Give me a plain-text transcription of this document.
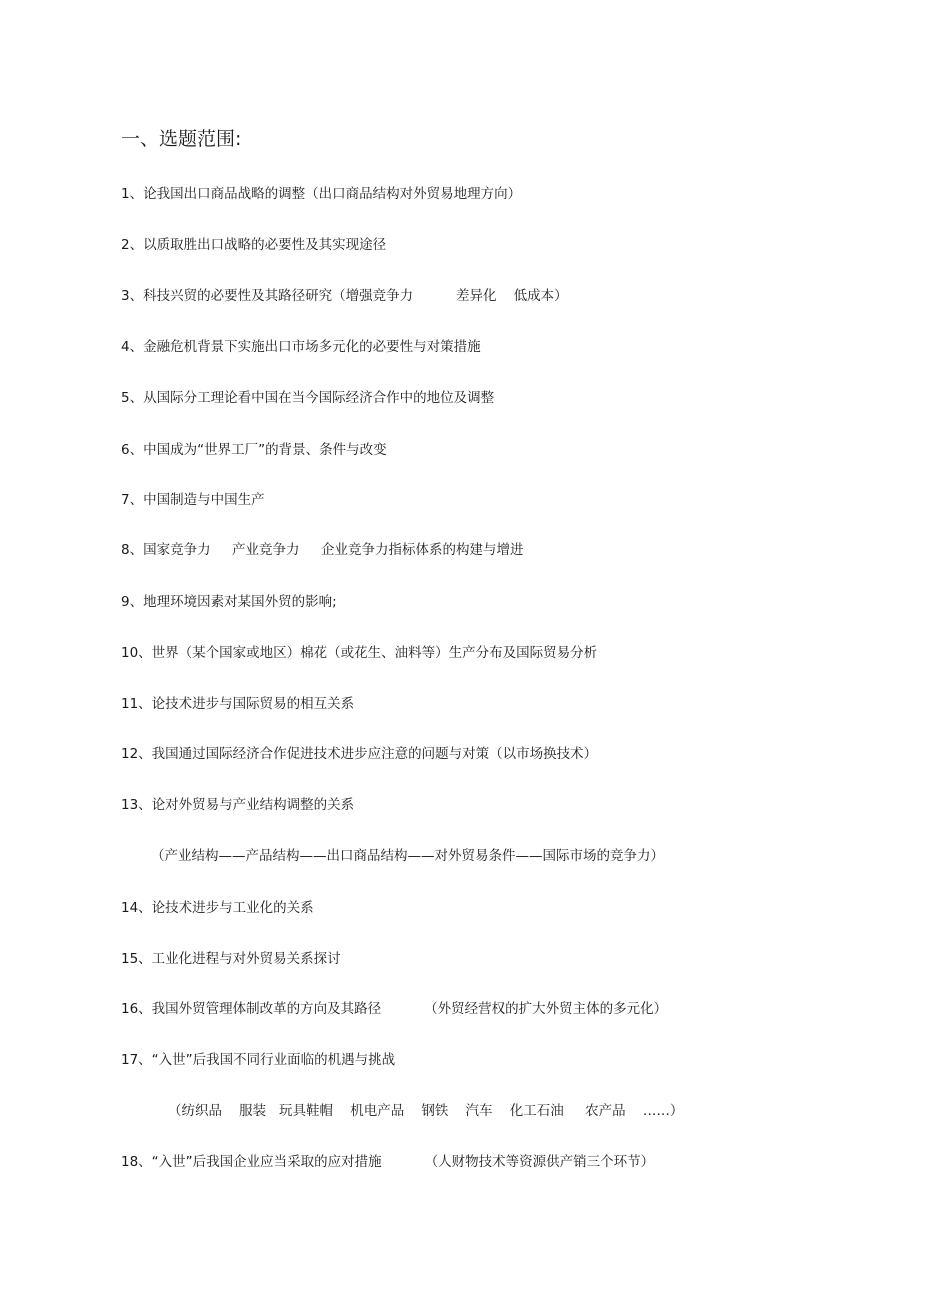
一、选题范围:
1、论我国出口商品战略的调整（出口商品结构对外贸易地理方向）
2、以质取胜出口战略的必要性及其实现途径
3、科技兴贸的必要性及其路径研究（增强竞争力          差异化    低成本）
4、金融危机背景下实施出口市场多元化的必要性与对策措施
5、从国际分工理论看中国在当今国际经济合作中的地位及调整
6、中国成为“世界工厂”的背景、条件与改变
7、中国制造与中国生产
8、国家竞争力     产业竞争力     企业竞争力指标体系的构建与增进
9、地理环境因素对某国外贸的影响;
10、世界（某个国家或地区）棉花（或花生、油料等）生产分布及国际贸易分析
11、论技术进步与国际贸易的相互关系
12、我国通过国际经济合作促进技术进步应注意的问题与对策（以市场换技术）
13、论对外贸易与产业结构调整的关系
（产业结构——产品结构——出口商品结构——对外贸易条件——国际市场的竞争力）
14、论技术进步与工业化的关系
15、工业化进程与对外贸易关系探讨
16、我国外贸管理体制改革的方向及其路径          （外贸经营权的扩大外贸主体的多元化）
17、“入世”后我国不同行业面临的机遇与挑战
（纺织品    服装   玩具鞋帽    机电产品    钢铁    汽车    化工石油     农产品    ……）
18、“入世”后我国企业应当采取的应对措施          （人财物技术等资源供产销三个环节）
